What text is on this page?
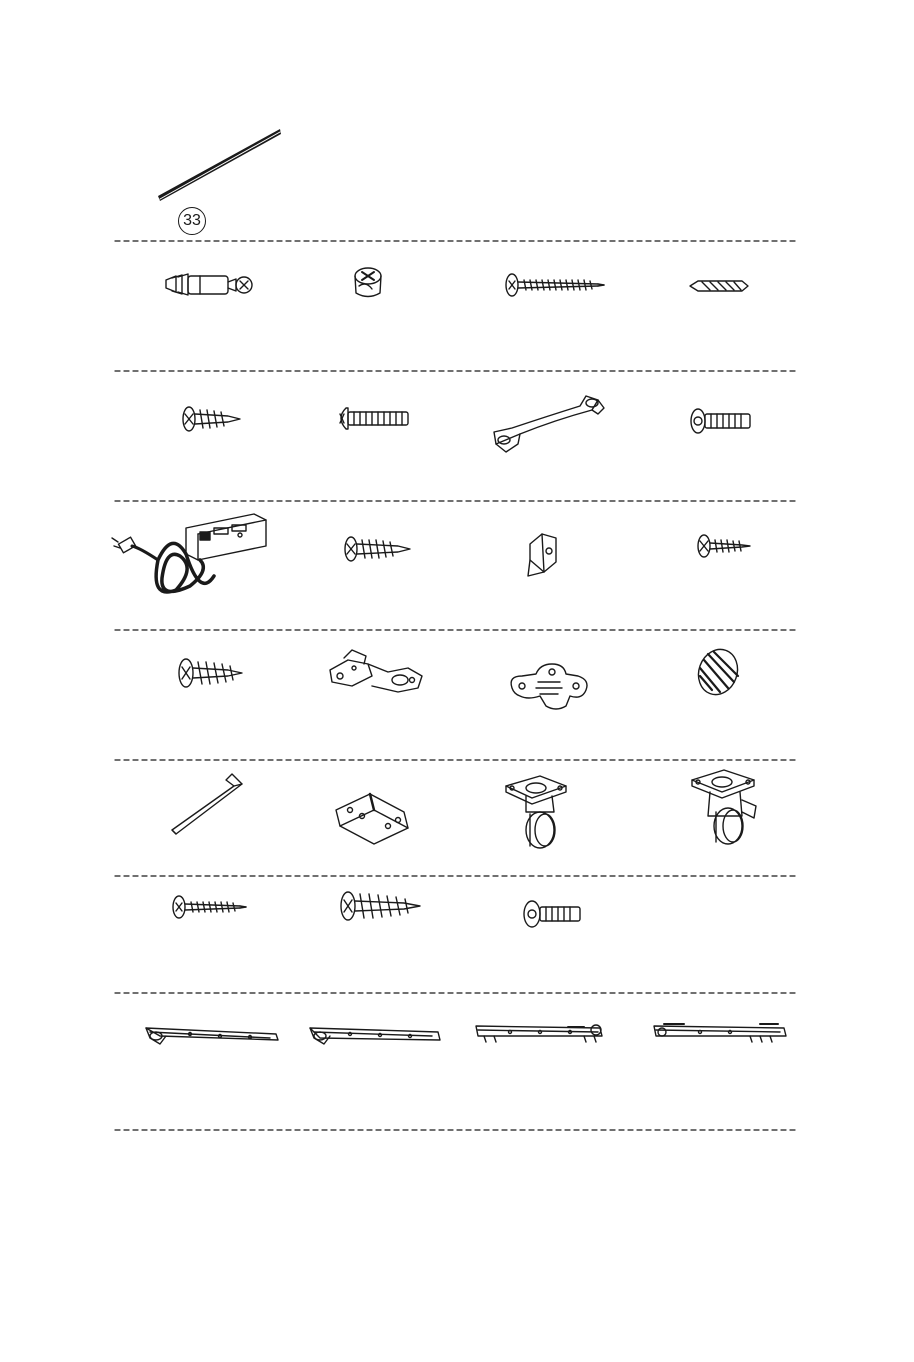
33
